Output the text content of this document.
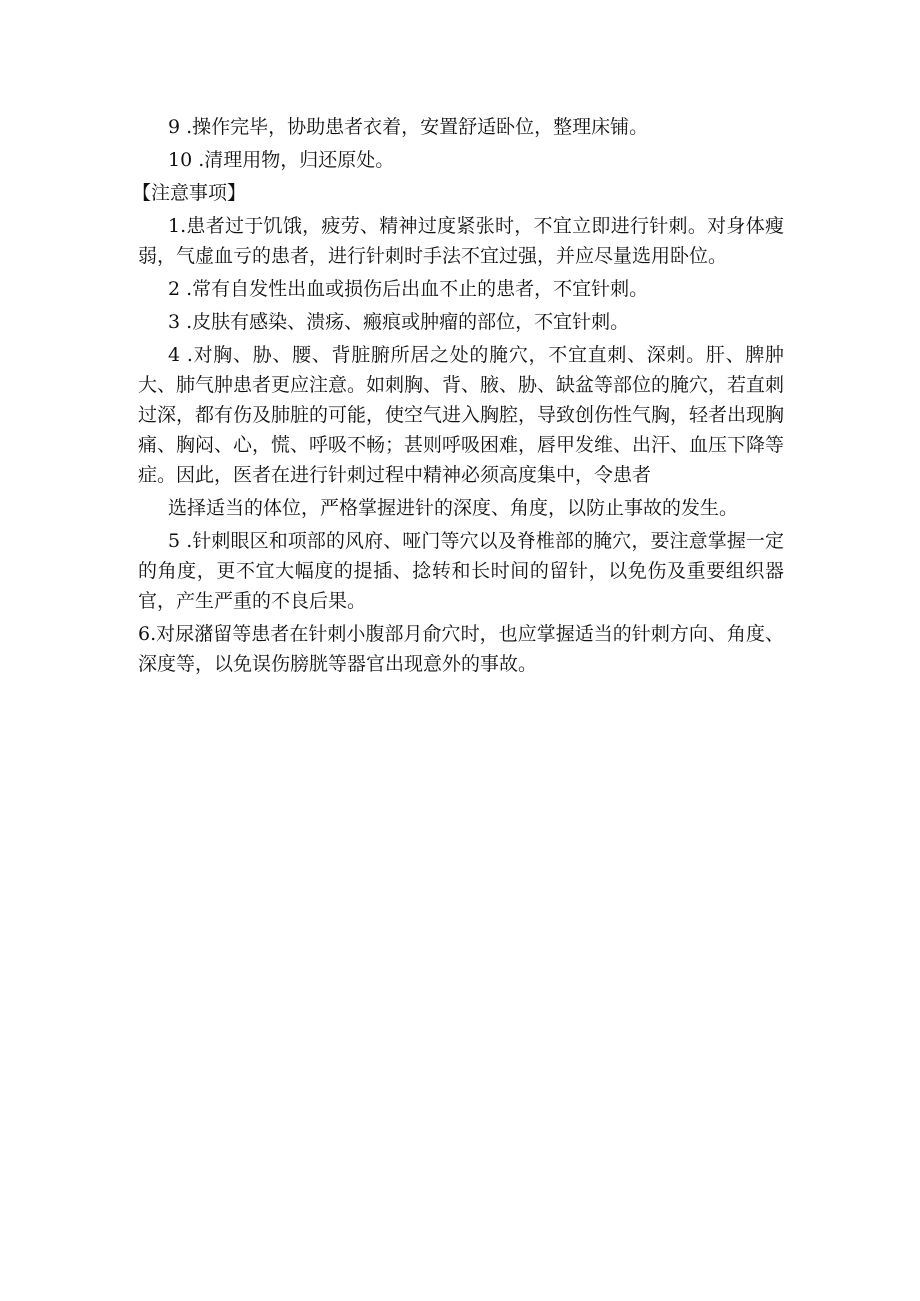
9 .操作完毕，协助患者衣着，安置舒适卧位，整理床铺。

10 .清理用物，归还原处。

【注意事项】

1.患者过于饥饿，疲劳、精神过度紧张时，不宜立即进行针刺。对身体瘦弱，气虚血亏的患者，进行针刺时手法不宜过强，并应尽量选用卧位。

2 .常有自发性出血或损伤后出血不止的患者，不宜针刺。

3 .皮肤有感染、溃疡、瘢痕或肿瘤的部位，不宜针刺。

4 .对胸、胁、腰、背脏腑所居之处的腌穴，不宜直刺、深刺。肝、脾肿大、肺气肿患者更应注意。如刺胸、背、腋、胁、缺盆等部位的腌穴，若直刺过深，都有伤及肺脏的可能，使空气进入胸腔，导致创伤性气胸，轻者出现胸痛、胸闷、心，慌、呼吸不畅；甚则呼吸困难，唇甲发维、出汗、血压下降等症。因此，医者在进行针刺过程中精神必须高度集中，令患者

选择适当的体位，严格掌握进针的深度、角度，以防止事故的发生。

5 .针刺眼区和项部的风府、哑门等穴以及脊椎部的腌穴，要注意掌握一定的角度，更不宜大幅度的提插、捻转和长时间的留针，以免伤及重要组织器官，产生严重的不良后果。

6.对尿潴留等患者在针刺小腹部月俞穴时，也应掌握适当的针刺方向、角度、深度等，以免误伤膀胱等器官出现意外的事故。
